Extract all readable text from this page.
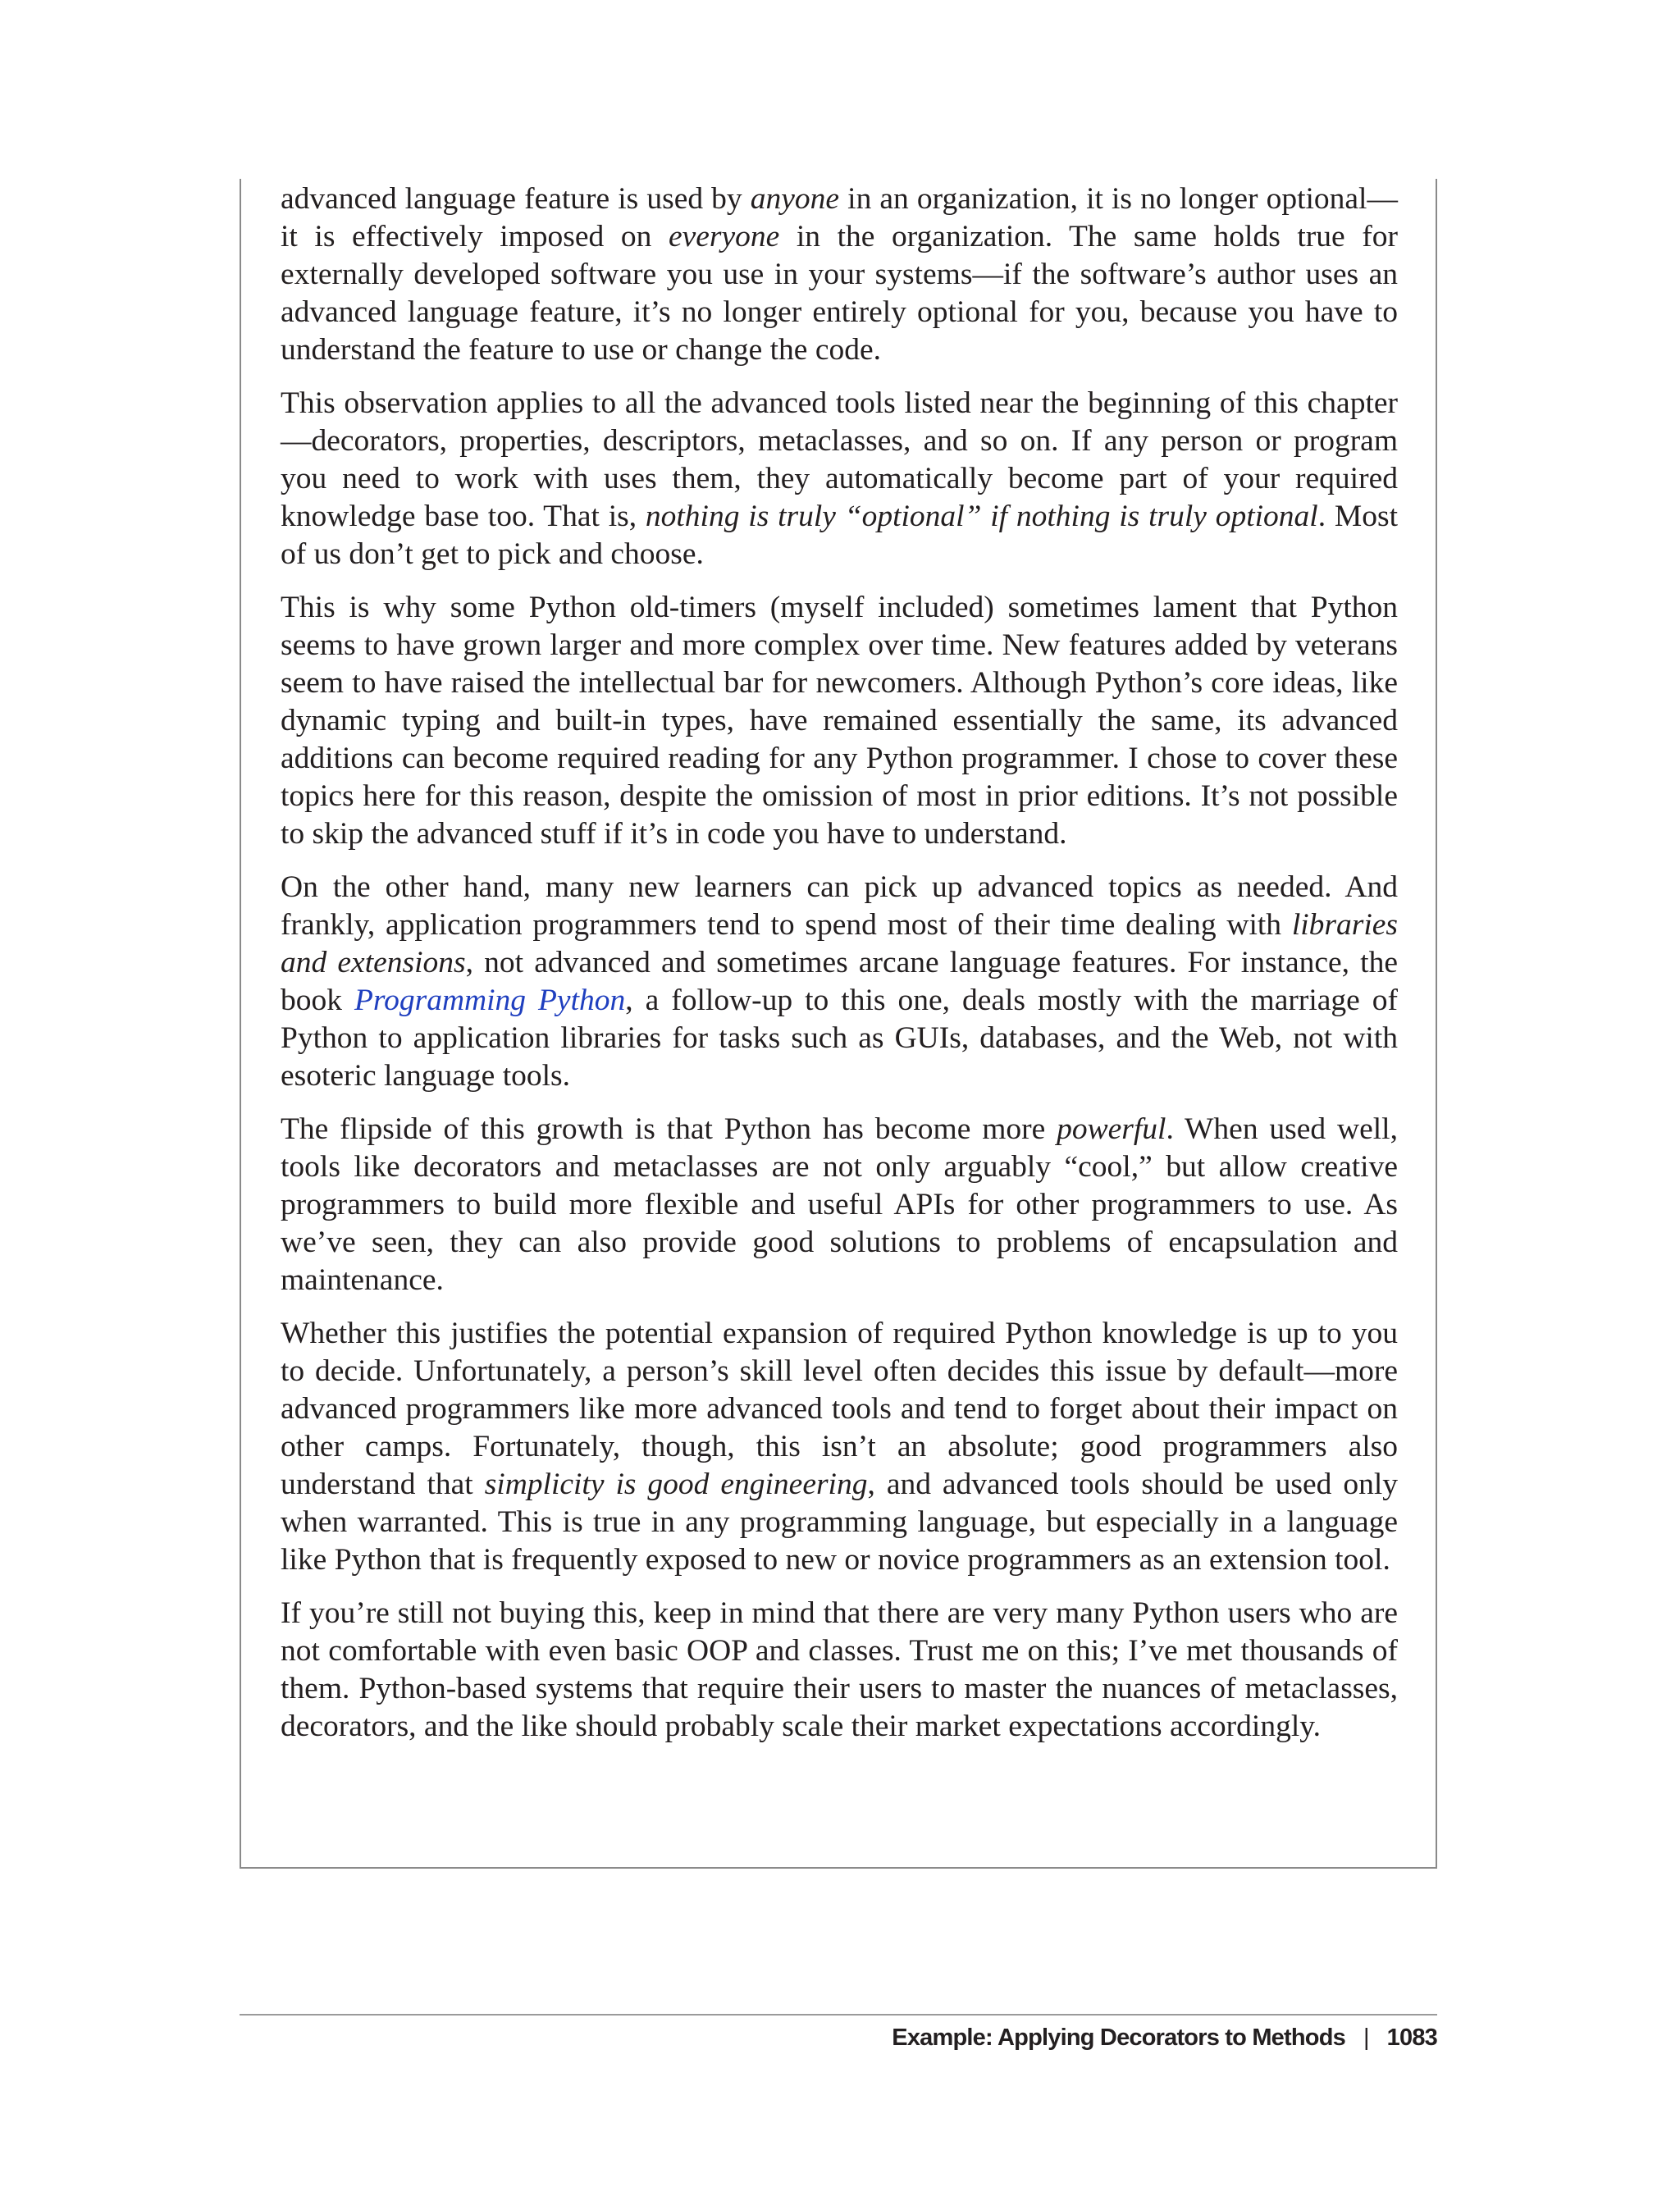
advanced language feature is used by anyone in an organization, it is no longer optional—it is effectively imposed on everyone in the organization. The same holds true for externally developed software you use in your systems—if the software’s author uses an advanced language feature, it’s no longer entirely optional for you, because you have to understand the feature to use or change the code.

This observation applies to all the advanced tools listed near the beginning of this chapter—decorators, properties, descriptors, metaclasses, and so on. If any person or program you need to work with uses them, they automatically become part of your required knowledge base too. That is, nothing is truly “optional” if nothing is truly optional. Most of us don’t get to pick and choose.

This is why some Python old-timers (myself included) sometimes lament that Python seems to have grown larger and more complex over time. New features added by veterans seem to have raised the intellectual bar for newcomers. Although Python’s core ideas, like dynamic typing and built-in types, have remained essentially the same, its advanced additions can become required reading for any Python programmer. I chose to cover these topics here for this reason, despite the omission of most in prior editions. It’s not possible to skip the advanced stuff if it’s in code you have to understand.

On the other hand, many new learners can pick up advanced topics as needed. And frankly, application programmers tend to spend most of their time dealing with libraries and extensions, not advanced and sometimes arcane language features. For instance, the book Programming Python, a follow-up to this one, deals mostly with the marriage of Python to application libraries for tasks such as GUIs, databases, and the Web, not with esoteric language tools.

The flipside of this growth is that Python has become more powerful. When used well, tools like decorators and metaclasses are not only arguably “cool,” but allow creative programmers to build more flexible and useful APIs for other programmers to use. As we’ve seen, they can also provide good solutions to problems of encapsulation and maintenance.

Whether this justifies the potential expansion of required Python knowledge is up to you to decide. Unfortunately, a person’s skill level often decides this issue by default—more advanced programmers like more advanced tools and tend to forget about their impact on other camps. Fortunately, though, this isn’t an absolute; good programmers also understand that simplicity is good engineering, and advanced tools should be used only when warranted. This is true in any programming language, but especially in a language like Python that is frequently exposed to new or novice programmers as an extension tool.

If you’re still not buying this, keep in mind that there are very many Python users who are not comfortable with even basic OOP and classes. Trust me on this; I’ve met thousands of them. Python-based systems that require their users to master the nuances of metaclasses, decorators, and the like should probably scale their market expectations accordingly.

Example: Applying Decorators to Methods | 1083
